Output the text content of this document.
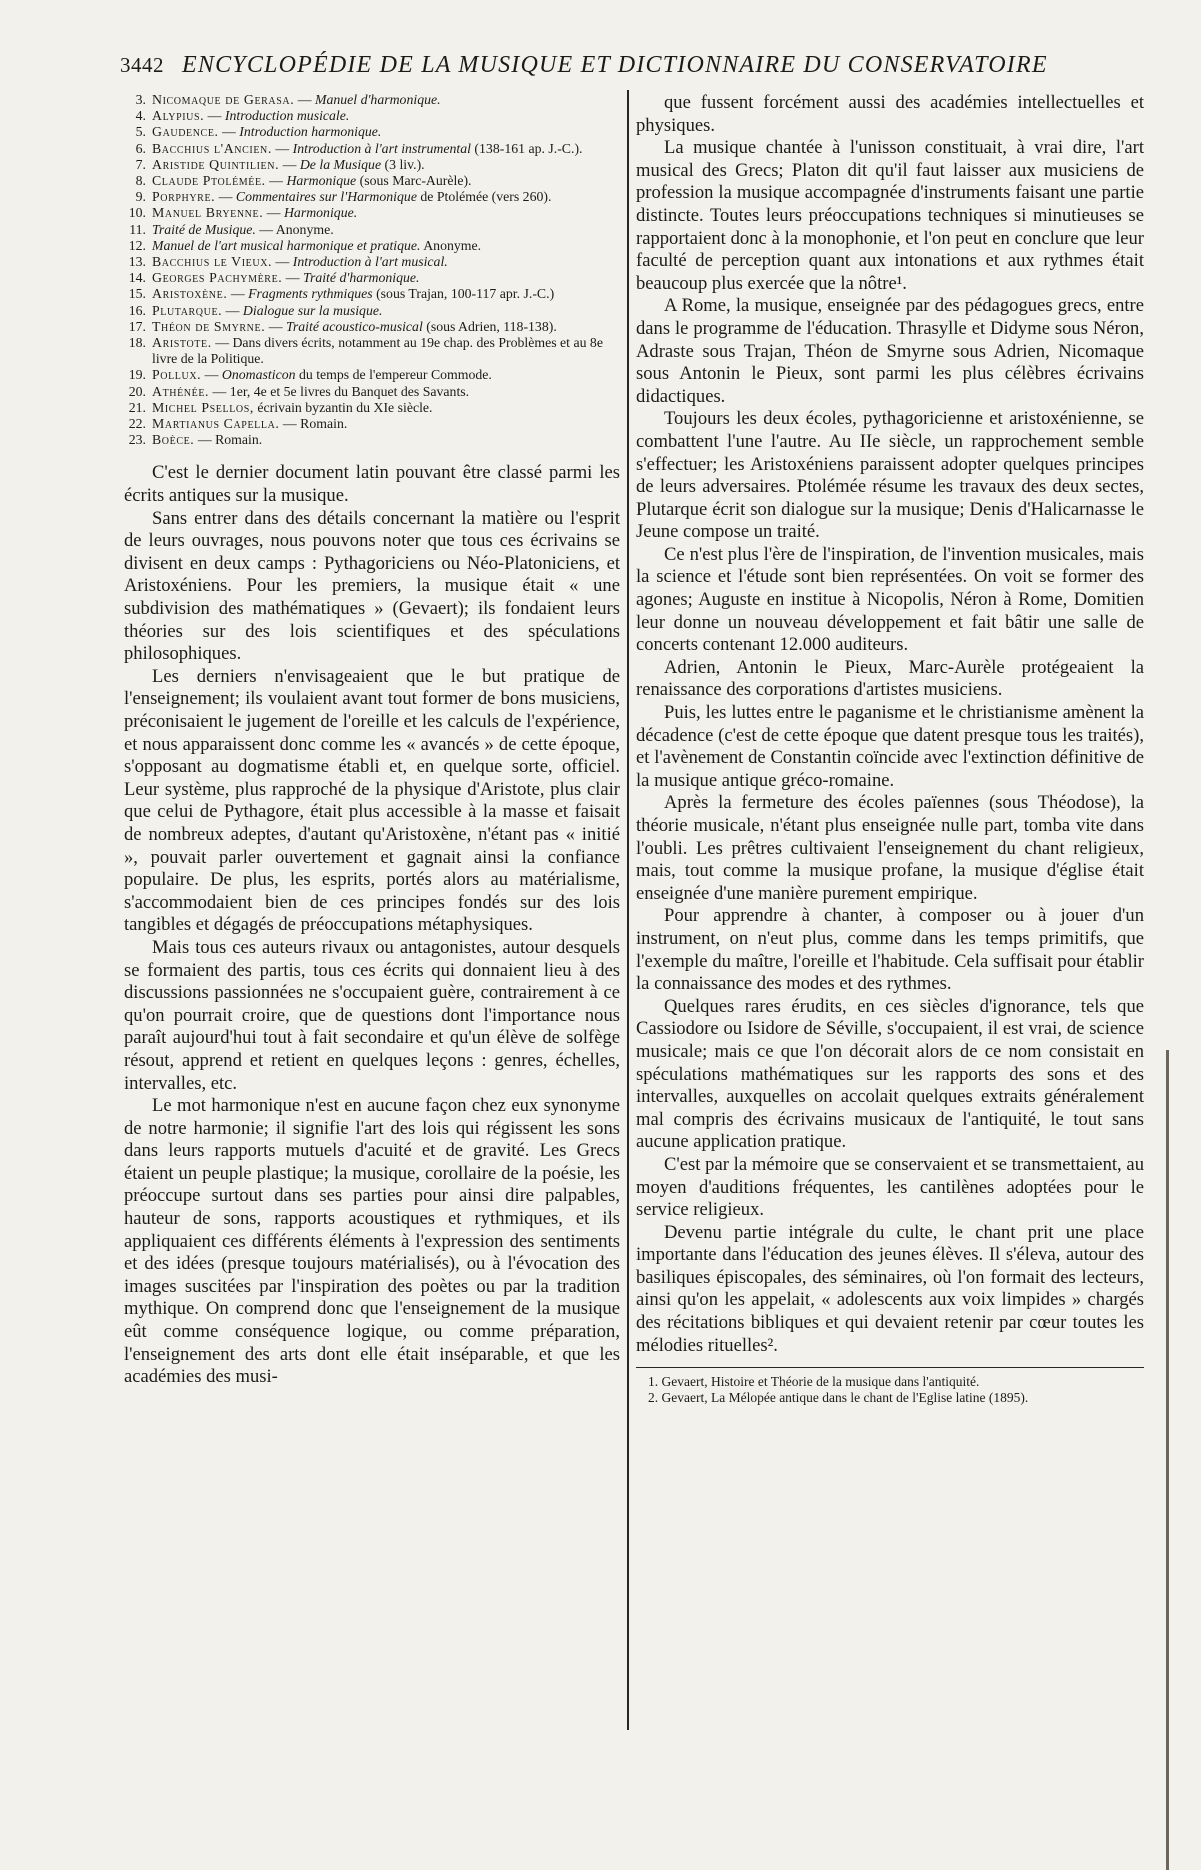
3442 ENCYCLOPÉDIE DE LA MUSIQUE ET DICTIONNAIRE DU CONSERVATOIRE
3. Nicomaque de Gerasa. — Manuel d'harmonique.
4. Alypius. — Introduction musicale.
5. Gaudence. — Introduction harmonique.
6. Bacchius l'Ancien. — Introduction à l'art instrumental (138-161 ap. J.-C.).
7. Aristide Quintilien. — De la Musique (3 liv.).
8. Claude Ptolémée. — Harmonique (sous Marc-Aurèle).
9. Porphyre. — Commentaires sur l'Harmonique de Ptolémée (vers 260).
10. Manuel Bryenne. — Harmonique.
11. Traité de Musique. — Anonyme.
12. Manuel de l'art musical harmonique et pratique. Anonyme.
13. Bacchius le Vieux. — Introduction à l'art musical.
14. Georges Pachymère. — Traité d'harmonique.
15. Aristoxène. — Fragments rythmiques (sous Trajan, 100-117 apr. J.-C.)
16. Plutarque. — Dialogue sur la musique.
17. Théon de Smyrne. — Traité acoustico-musical (sous Adrien, 118-138).
18. Aristote. — Dans divers écrits, notamment au 19e chap. des Problèmes et au 8e livre de la Politique.
19. Pollux. — Onomasticon du temps de l'empereur Commode.
20. Athénée. — 1er, 4e et 5e livres du Banquet des Savants.
21. Michel Psellos, écrivain byzantin du XIe siècle.
22. Martianus Capella. — Romain.
23. Boèce. — Romain.

C'est le dernier document latin pouvant être classé parmi les écrits antiques sur la musique.

Sans entrer dans des détails concernant la matière ou l'esprit de leurs ouvrages, nous pouvons noter que tous ces écrivains se divisent en deux camps : Pythagoriciens ou Néo-Platoniciens, et Aristoxéniens. Pour les premiers, la musique était « une subdivision des mathématiques » (Gevaert); ils fondaient leurs théories sur des lois scientifiques et des spéculations philosophiques.

Les derniers n'envisageaient que le but pratique de l'enseignement; ils voulaient avant tout former de bons musiciens, préconisaient le jugement de l'oreille et les calculs de l'expérience, et nous apparaissent donc comme les « avancés » de cette époque, s'opposant au dogmatisme établi et, en quelque sorte, officiel. Leur système, plus rapproché de la physique d'Aristote, plus clair que celui de Pythagore, était plus accessible à la masse et faisait de nombreux adeptes, d'autant qu'Aristoxène, n'étant pas « initié », pouvait parler ouvertement et gagnait ainsi la confiance populaire. De plus, les esprits, portés alors au matérialisme, s'accommodaient bien de ces principes fondés sur des lois tangibles et dégagés de préoccupations métaphysiques.

Mais tous ces auteurs rivaux ou antagonistes, autour desquels se formaient des partis, tous ces écrits qui donnaient lieu à des discussions passionnées ne s'occupaient guère, contrairement à ce qu'on pourrait croire, que de questions dont l'importance nous paraît aujourd'hui tout à fait secondaire et qu'un élève de solfège résout, apprend et retient en quelques leçons : genres, échelles, intervalles, etc.

Le mot harmonique n'est en aucune façon chez eux synonyme de notre harmonie; il signifie l'art des lois qui régissent les sons dans leurs rapports mutuels d'acuité et de gravité. Les Grecs étaient un peuple plastique; la musique, corollaire de la poésie, les préoccupe surtout dans ses parties pour ainsi dire palpables, hauteur de sons, rapports acoustiques et rythmiques, et ils appliquaient ces différents éléments à l'expression des sentiments et des idées (presque toujours matérialisés), ou à l'évocation des images suscitées par l'inspiration des poètes ou par la tradition mythique. On comprend donc que l'enseignement de la musique eût comme conséquence logique, ou comme préparation, l'enseignement des arts dont elle était inséparable, et que les académies des musi-

que fussent forcément aussi des académies intellectuelles et physiques.

La musique chantée à l'unisson constituait, à vrai dire, l'art musical des Grecs; Platon dit qu'il faut laisser aux musiciens de profession la musique accompagnée d'instruments faisant une partie distincte. Toutes leurs préoccupations techniques si minutieuses se rapportaient donc à la monophonie, et l'on peut en conclure que leur faculté de perception quant aux intonations et aux rythmes était beaucoup plus exercée que la nôtre¹.

A Rome, la musique, enseignée par des pédagogues grecs, entre dans le programme de l'éducation. Thrasylle et Didyme sous Néron, Adraste sous Trajan, Théon de Smyrne sous Adrien, Nicomaque sous Antonin le Pieux, sont parmi les plus célèbres écrivains didactiques.

Toujours les deux écoles, pythagoricienne et aristoxénienne, se combattent l'une l'autre. Au IIe siècle, un rapprochement semble s'effectuer; les Aristoxéniens paraissent adopter quelques principes de leurs adversaires. Ptolémée résume les travaux des deux sectes, Plutarque écrit son dialogue sur la musique; Denis d'Halicarnasse le Jeune compose un traité.

Ce n'est plus l'ère de l'inspiration, de l'invention musicales, mais la science et l'étude sont bien représentées. On voit se former des agones; Auguste en institue à Nicopolis, Néron à Rome, Domitien leur donne un nouveau développement et fait bâtir une salle de concerts contenant 12.000 auditeurs.

Adrien, Antonin le Pieux, Marc-Aurèle protégeaient la renaissance des corporations d'artistes musiciens.

Puis, les luttes entre le paganisme et le christianisme amènent la décadence (c'est de cette époque que datent presque tous les traités), et l'avènement de Constantin coïncide avec l'extinction définitive de la musique antique gréco-romaine.

Après la fermeture des écoles païennes (sous Théodose), la théorie musicale, n'étant plus enseignée nulle part, tomba vite dans l'oubli. Les prêtres cultivaient l'enseignement du chant religieux, mais, tout comme la musique profane, la musique d'église était enseignée d'une manière purement empirique.

Pour apprendre à chanter, à composer ou à jouer d'un instrument, on n'eut plus, comme dans les temps primitifs, que l'exemple du maître, l'oreille et l'habitude. Cela suffisait pour établir la connaissance des modes et des rythmes.

Quelques rares érudits, en ces siècles d'ignorance, tels que Cassiodore ou Isidore de Séville, s'occupaient, il est vrai, de science musicale; mais ce que l'on décorait alors de ce nom consistait en spéculations mathématiques sur les rapports des sons et des intervalles, auxquelles on accolait quelques extraits généralement mal compris des écrivains musicaux de l'antiquité, le tout sans aucune application pratique.

C'est par la mémoire que se conservaient et se transmettaient, au moyen d'auditions fréquentes, les cantilènes adoptées pour le service religieux.

Devenu partie intégrale du culte, le chant prit une place importante dans l'éducation des jeunes élèves. Il s'éleva, autour des basiliques épiscopales, des séminaires, où l'on formait des lecteurs, ainsi qu'on les appelait, « adolescents aux voix limpides » chargés des récitations bibliques et qui devaient retenir par cœur toutes les mélodies rituelles².

1. Gevaert, Histoire et Théorie de la musique dans l'antiquité.
2. Gevaert, La Mélopée antique dans le chant de l'Eglise latine (1895).
